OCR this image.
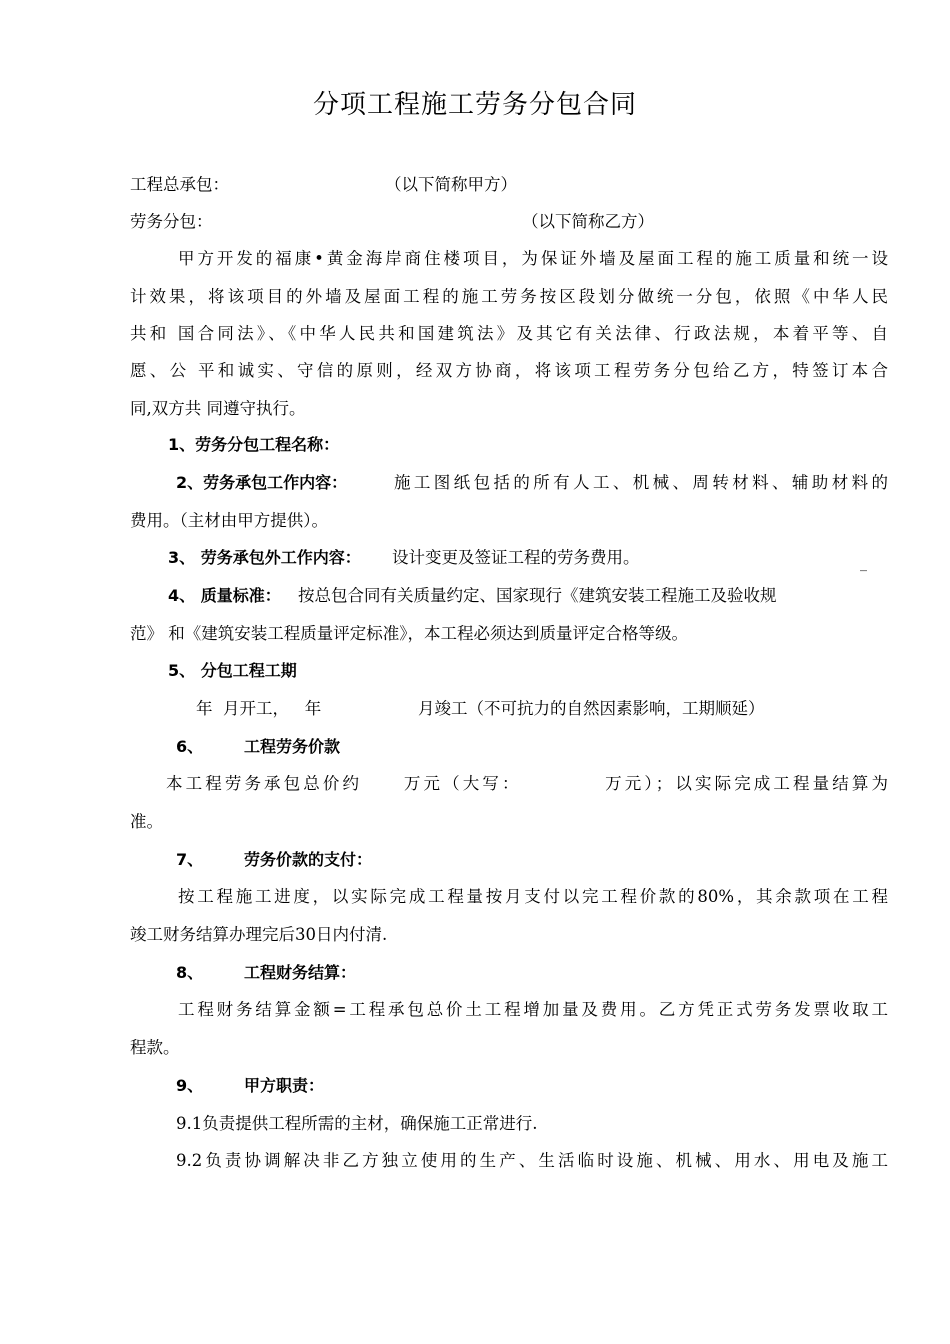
分项工程施工劳务分包合同

工程总承包：	（以下简称甲方）

劳务分包：	（以下简称乙方）

甲方开发的福康•黄金海岸商住楼项目，为保证外墙及屋面工程的施工质量和统一设

计效果，将该项目的外墙及屋面工程的施工劳务按区段划分做统一分包，依照《中华人民

共和 国合同法》、《中华人民共和国建筑法》及其它有关法律、行政法规，本着平等、自

愿、公 平和诚实、守信的原则，经双方协商，将该项工程劳务分包给乙方，特签订本合

同,双方共 同遵守执行。

1、劳务分包工程名称：

2、劳务承包工作内容：	施工图纸包括的所有人工、机械、周转材料、辅助材料的

费用。（主材由甲方提供）。

3、 劳务承包外工作内容： 设计变更及签证工程的劳务费用。	_

4、 质量标准： 按总包合同有关质量约定、国家现行《建筑安装工程施工及验收规

范》 和《建筑安装工程质量评定标准》，本工程必须达到质量评定合格等级。

5、 分包工程工期

年  月开工，   年	月竣工（不可抗力的自然因素影响，工期顺延）

6、	工程劳务价款

本工程劳务承包总价约     万元（大写：          万元）；以实际完成工程量结算为

准。

7、	劳务价款的支付：

按工程施工进度，以实际完成工程量按月支付以完工程价款的80%，其余款项在工程

竣工财务结算办理完后30日内付清.

8、	工程财务结算：

工程财务结算金额=工程承包总价土工程增加量及费用。乙方凭正式劳务发票收取工

程款。

9、	甲方职责：

9.1负责提供工程所需的主材，确保施工正常进行.

9.2负责协调解决非乙方独立使用的生产、生活临时设施、机械、用水、用电及施工
